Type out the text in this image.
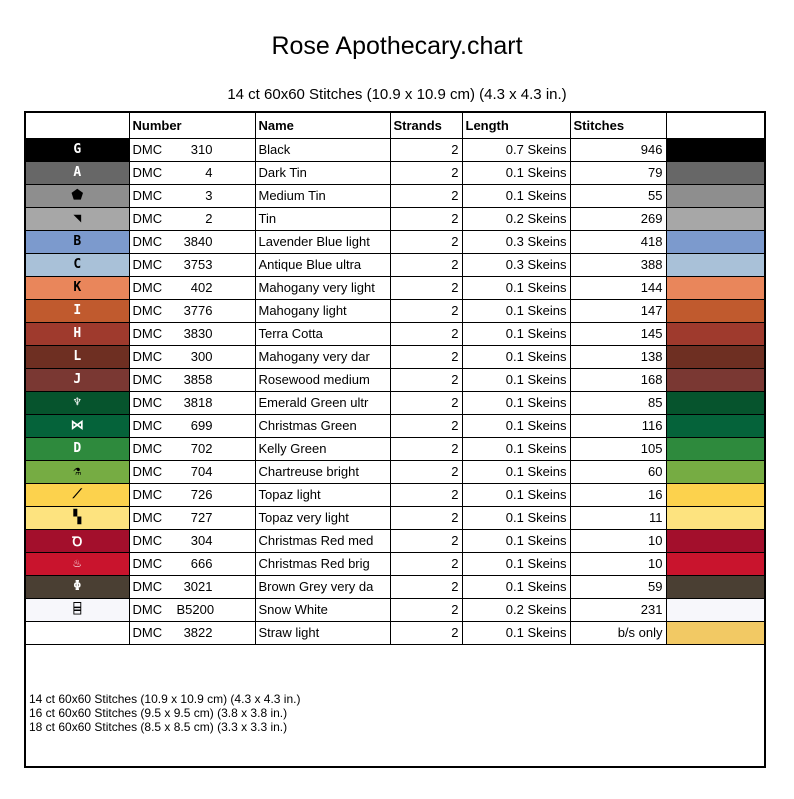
Rose Apothecary.chart
14 ct 60x60 Stitches (10.9 x 10.9 cm) (4.3 x 4.3 in.)
	Number	Name	Strands	Length	Stitches	
G	DMC 310	Black	2	0.7 Skeins	946	
A	DMC 4	Dark Tin	2	0.1 Skeins	79	
⬟	DMC 3	Medium Tin	2	0.1 Skeins	55	
◥	DMC 2	Tin	2	0.2 Skeins	269	
B	DMC 3840	Lavender Blue light	2	0.3 Skeins	418	
C	DMC 3753	Antique Blue ultra	2	0.3 Skeins	388	
K	DMC 402	Mahogany very light	2	0.1 Skeins	144	
I	DMC 3776	Mahogany light	2	0.1 Skeins	147	
H	DMC 3830	Terra Cotta	2	0.1 Skeins	145	
L	DMC 300	Mahogany very dar	2	0.1 Skeins	138	
J	DMC 3858	Rosewood medium	2	0.1 Skeins	168	
♆	DMC 3818	Emerald Green ultr	2	0.1 Skeins	85	
⋈	DMC 699	Christmas Green	2	0.1 Skeins	116	
D	DMC 702	Kelly Green	2	0.1 Skeins	105	
⚗	DMC 704	Chartreuse bright	2	0.1 Skeins	60	
⟋	DMC 726	Topaz light	2	0.1 Skeins	16	
▚	DMC 727	Topaz very light	2	0.1 Skeins	11	
Ꝺ	DMC 304	Christmas Red med	2	0.1 Skeins	10	
♨	DMC 666	Christmas Red brig	2	0.1 Skeins	10	
Φ	DMC 3021	Brown Grey very da	2	0.1 Skeins	59	
⌸	DMC B5200	Snow White	2	0.2 Skeins	231	
	DMC 3822	Straw light	2	0.1 Skeins	b/s only	
14 ct 60x60 Stitches (10.9 x 10.9 cm) (4.3 x 4.3 in.)
16 ct 60x60 Stitches (9.5 x 9.5 cm) (3.8 x 3.8 in.)
18 ct 60x60 Stitches (8.5 x 8.5 cm) (3.3 x 3.3 in.)
